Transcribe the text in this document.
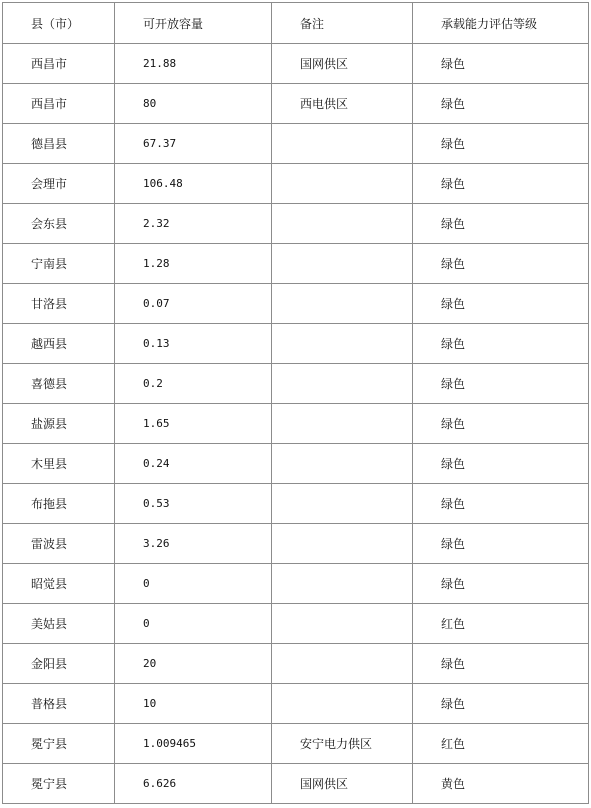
县（市）	可开放容量	备注	承载能力评估等级
西昌市	21.88	国网供区	绿色
西昌市	80	西电供区	绿色
德昌县	67.37		绿色
会理市	106.48		绿色
会东县	2.32		绿色
宁南县	1.28		绿色
甘洛县	0.07		绿色
越西县	0.13		绿色
喜德县	0.2		绿色
盐源县	1.65		绿色
木里县	0.24		绿色
布拖县	0.53		绿色
雷波县	3.26		绿色
昭觉县	0		绿色
美姑县	0		红色
金阳县	20		绿色
普格县	10		绿色
冕宁县	1.009465	安宁电力供区	红色
冕宁县	6.626	国网供区	黄色
